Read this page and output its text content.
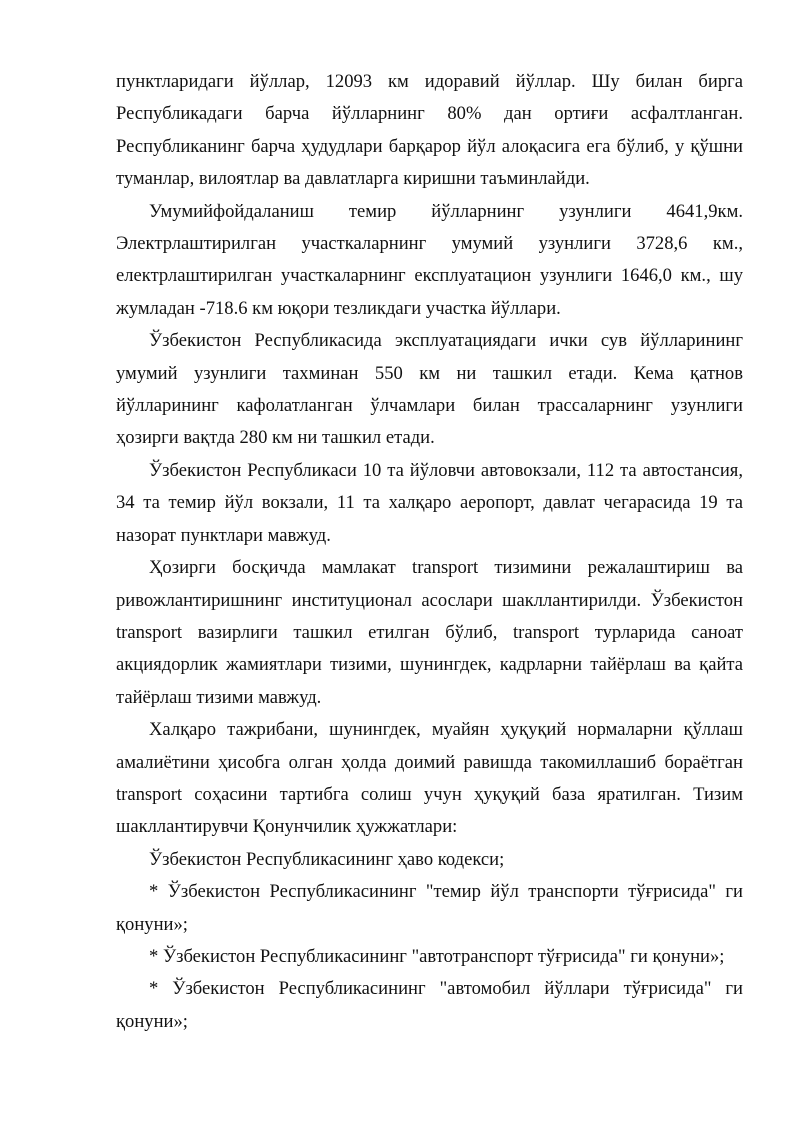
пунктларидаги йўллар, 12093 км идоравий йўллар. Шу билан бирга Республикадаги барча йўлларнинг 80% дан ортиғи асфалтланган. Республиканинг барча ҳудудлари барқарор йўл алоқасига ега бўлиб, у қўшни туманлар, вилоятлар ва давлатларга киришни таъминлайди.

Умумийфойдаланиш темир йўлларнинг узунлиги 4641,9км. Электрлаштирилган участкаларнинг умумий узунлиги 3728,6 км., електрлаштирилган участкаларнинг експлуатацион узунлиги 1646,0 км., шу жумладан -718.6 км юқори тезликдаги участка йўллари.

Ўзбекистон Республикасида эксплуатациядаги ички сув йўлларининг умумий узунлиги тахминан 550 км ни ташкил етади. Кема қатнов йўлларининг кафолатланган ўлчамлари билан трассаларнинг узунлиги ҳозирги вақтда 280 км ни ташкил етади.

Ўзбекистон Республикаси 10 та йўловчи автовокзали, 112 та автостансия, 34 та темир йўл вокзали, 11 та халқаро аеропорт, давлат чегарасида 19 та назорат пунктлари мавжуд.

Ҳозирги босқичда мамлакат transport тизимини режалаштириш ва ривожлантиришнинг институционал асослари шакллантирилди. Ўзбекистон transport вазирлиги ташкил етилган бўлиб, transport турларида саноат акциядорлик жамиятлари тизими, шунингдек, кадрларни тайёрлаш ва қайта тайёрлаш тизими мавжуд.

Халқаро тажрибани, шунингдек, муайян ҳуқуқий нормаларни қўллаш амалиётини ҳисобга олган ҳолда доимий равишда такомиллашиб бораётган transport соҳасини тартибга солиш учун ҳуқуқий база яратилган. Тизим шакллантирувчи Қонунчилик ҳужжатлари:

Ўзбекистон Республикасининг ҳаво кодекси;

* Ўзбекистон Республикасининг "темир йўл транспорти тўғрисида" ги қонуни»;

* Ўзбекистон Республикасининг "автотранспорт тўғрисида" ги қонуни»;

* Ўзбекистон Республикасининг "автомобил йўллари тўғрисида" ги қонуни»;
